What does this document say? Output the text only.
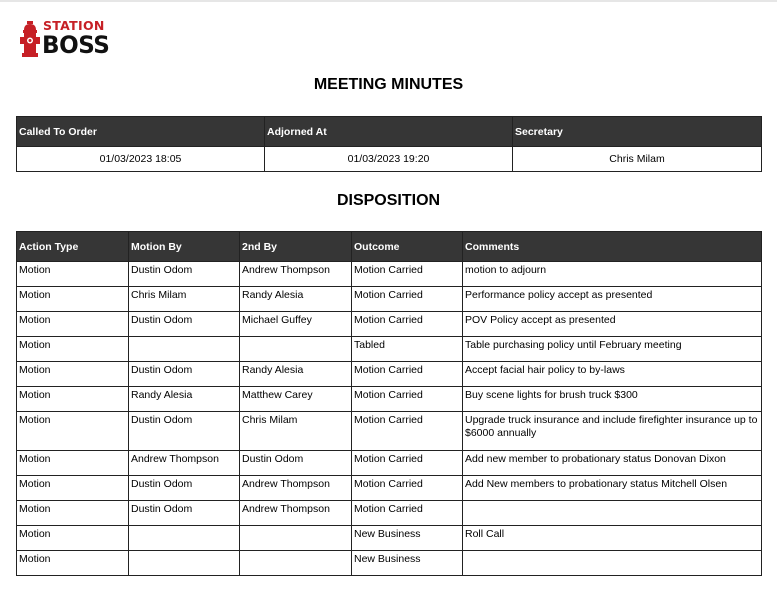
STATION
BOSS
MEETING MINUTES
Called To Order	Adjorned At	Secretary
01/03/2023 18:05	01/03/2023 19:20	Chris Milam
DISPOSITION
Action Type	Motion By	2nd By	Outcome	Comments
Motion	Dustin Odom	Andrew Thompson	Motion Carried	motion to adjourn
Motion	Chris Milam	Randy Alesia	Motion Carried	Performance policy accept as presented
Motion	Dustin Odom	Michael Guffey	Motion Carried	POV Policy accept as presented
Motion			Tabled	Table purchasing policy until February meeting
Motion	Dustin Odom	Randy Alesia	Motion Carried	Accept facial hair policy to by-laws
Motion	Randy Alesia	Matthew Carey	Motion Carried	Buy scene lights for brush truck $300
Motion	Dustin Odom	Chris Milam	Motion Carried	Upgrade truck insurance and include firefighter insurance up to $6000 annually
Motion	Andrew Thompson	Dustin Odom	Motion Carried	Add new member to probationary status Donovan Dixon
Motion	Dustin Odom	Andrew Thompson	Motion Carried	Add New members to probationary status Mitchell Olsen
Motion	Dustin Odom	Andrew Thompson	Motion Carried	
Motion			New Business	Roll Call
Motion			New Business	
